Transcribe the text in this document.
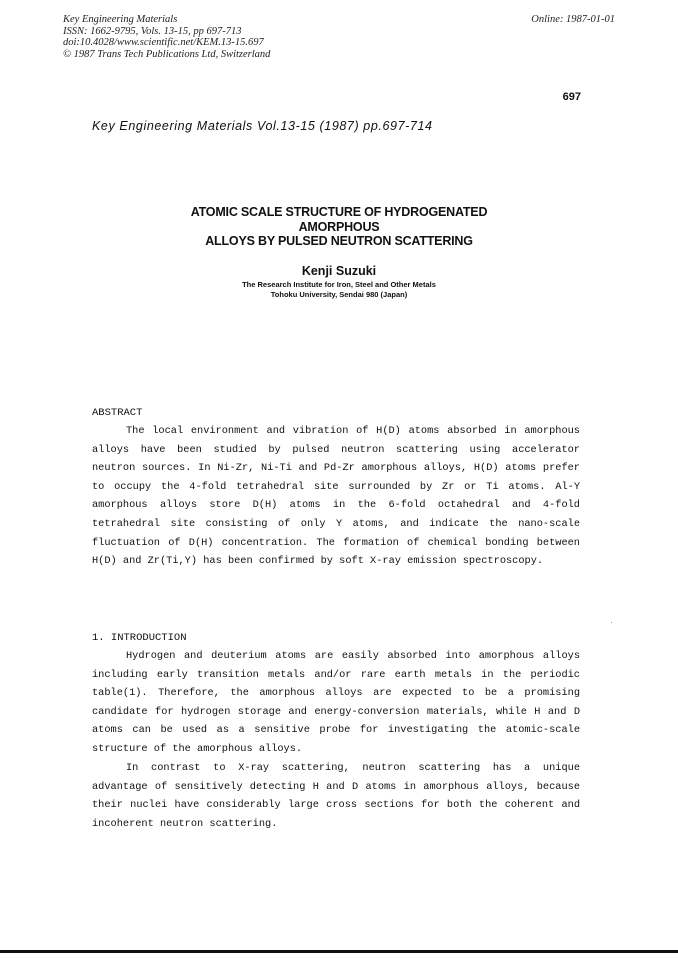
Key Engineering Materials
ISSN: 1662-9795, Vols. 13-15, pp 697-713
doi:10.4028/www.scientific.net/KEM.13-15.697
© 1987 Trans Tech Publications Ltd, Switzerland
Online: 1987-01-01
697
Key Engineering Materials Vol.13-15 (1987) pp.697-714
ATOMIC SCALE STRUCTURE OF HYDROGENATED
AMORPHOUS
ALLOYS BY PULSED NEUTRON SCATTERING
Kenji Suzuki
The Research Institute for Iron, Steel and Other Metals
Tohoku University, Sendai 980 (Japan)
ABSTRACT
The local environment and vibration of H(D) atoms absorbed in amorphous alloys have been studied by pulsed neutron scattering using accelerator neutron sources. In Ni-Zr, Ni-Ti and Pd-Zr amorphous alloys, H(D) atoms prefer to occupy the 4-fold tetrahedral site surrounded by Zr or Ti atoms. Al-Y amorphous alloys store D(H) atoms in the 6-fold octahedral and 4-fold tetrahedral site consisting of only Y atoms, and indicate the nano-scale fluctuation of D(H) concentration. The formation of chemical bonding between H(D) and Zr(Ti,Y) has been confirmed by soft X-ray emission spectroscopy.
1. INTRODUCTION
Hydrogen and deuterium atoms are easily absorbed into amorphous alloys including early transition metals and/or rare earth metals in the periodic table(1). Therefore, the amorphous alloys are expected to be a promising candidate for hydrogen storage and energy-conversion materials, while H and D atoms can be used as a sensitive probe for investigating the atomic-scale structure of the amorphous alloys.
In contrast to X-ray scattering, neutron scattering has a unique advantage of sensitively detecting H and D atoms in amorphous alloys, because their nuclei have considerably large cross sections for both the coherent and incoherent neutron scattering.
